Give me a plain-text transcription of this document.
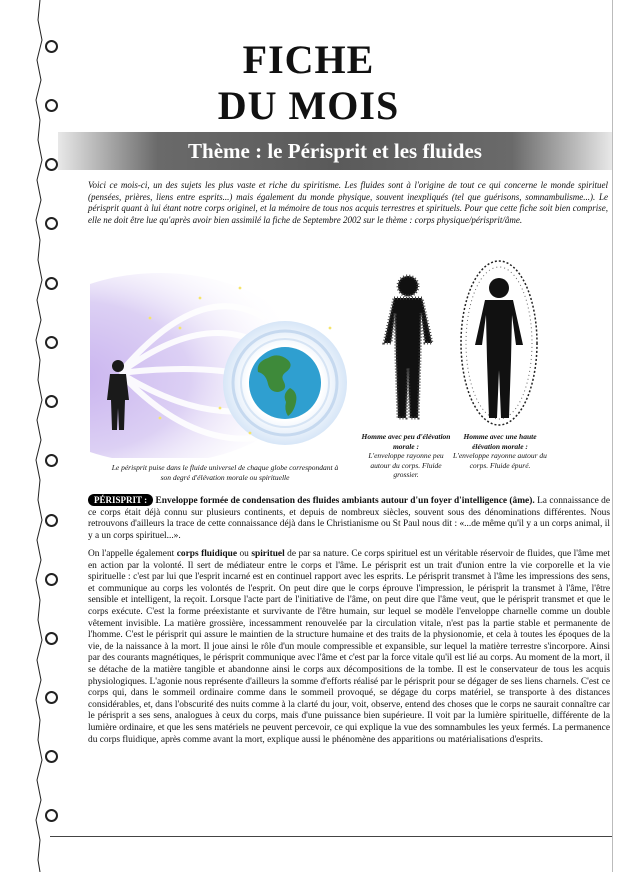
FICHE
DU MOIS
Thème : le Périsprit et les fluides
Voici ce mois-ci, un des sujets les plus vaste et riche du spiritisme. Les fluides sont à l'origine de tout ce qui concerne le monde spirituel (pensées, prières, liens entre esprits...) mais également du monde physique, souvent inexpliqués (tel que guérisons, somnambulisme...). Le périsprit quant à lui étant notre corps originel, et la mémoire de tous nos acquis terrestres et spirituels. Pour que cette fiche soit bien comprise, elle ne doit être lue qu'après avoir bien assimilé la fiche de Septembre 2002 sur le thème : corps physique/périsprit/âme.
Le périsprit puise dans le fluide universel de chaque globe correspondant à son degré d'élévation morale ou spirituelle
Homme avec peu d'élévation morale :
L'enveloppe rayonne peu autour du corps. Fluide grossier.
Homme avec une haute élévation morale :
L'enveloppe rayonne autour du corps. Fluide épuré.
PÉRISPRIT : Enveloppe formée de condensation des fluides ambiants autour d'un foyer d'intelligence (âme). La connaissance de ce corps était déjà connu sur plusieurs continents, et depuis de nombreux siècles, souvent sous des dénominations différentes. Nous retrouvons d'ailleurs la trace de cette connaissance déjà dans le Christianisme ou St Paul nous dit : «...de même qu'il y a un corps animal, il y a un corps spirituel...».
On l'appelle également corps fluidique ou spirituel de par sa nature. Ce corps spirituel est un véritable réservoir de fluides, que l'âme met en action par la volonté. Il sert de médiateur entre le corps et l'âme. Le périsprit est un trait d'union entre la vie corporelle et la vie spirituelle : c'est par lui que l'esprit incarné est en continuel rapport avec les esprits. Le périsprit transmet à l'âme les impressions des sens, et communique au corps les volontés de l'esprit. On peut dire que le corps éprouve l'impression, le périsprit la transmet à l'âme, l'être sensible et intelligent, la reçoit. Lorsque l'acte part de l'initiative de l'âme, on peut dire que l'âme veut, que le périsprit transmet et que le corps exécute. C'est la forme préexistante et survivante de l'être humain, sur lequel se modèle l'enveloppe charnelle comme un double vêtement invisible. La matière grossière, incessamment renouvelée par la circulation vitale, n'est pas la partie stable et permanente de l'homme. C'est le périsprit qui assure le maintien de la structure humaine et des traits de la physionomie, et cela à toutes les époques de la vie, de la naissance à la mort. Il joue ainsi le rôle d'un moule compressible et expansible, sur lequel la matière terrestre s'incorpore. Ainsi par des courants magnétiques, le périsprit communique avec l'âme et c'est par la force vitale qu'il est lié au corps. Au moment de la mort, il se détache de la matière tangible et abandonne ainsi le corps aux décompositions de la tombe. Il est le conservateur de tous les acquis physiologiques. L'agonie nous représente d'ailleurs la somme d'efforts réalisé par le périsprit pour se dégager de ses liens charnels. C'est ce corps qui, dans le sommeil ordinaire comme dans le sommeil provoqué, se dégage du corps matériel, se transporte à des distances considérables, et, dans l'obscurité des nuits comme à la clarté du jour, voit, observe, entend des choses que le corps ne saurait connaître car le périsprit a ses sens, analogues à ceux du corps, mais d'une puissance bien supérieure. Il voit par la lumière spirituelle, différente de la lumière ordinaire, et que les sens matériels ne peuvent percevoir, ce qui explique la vue des somnambules les yeux fermés. La permanence du corps fluidique, après comme avant la mort, explique aussi le phénomène des apparitions ou matérialisations d'esprits.
